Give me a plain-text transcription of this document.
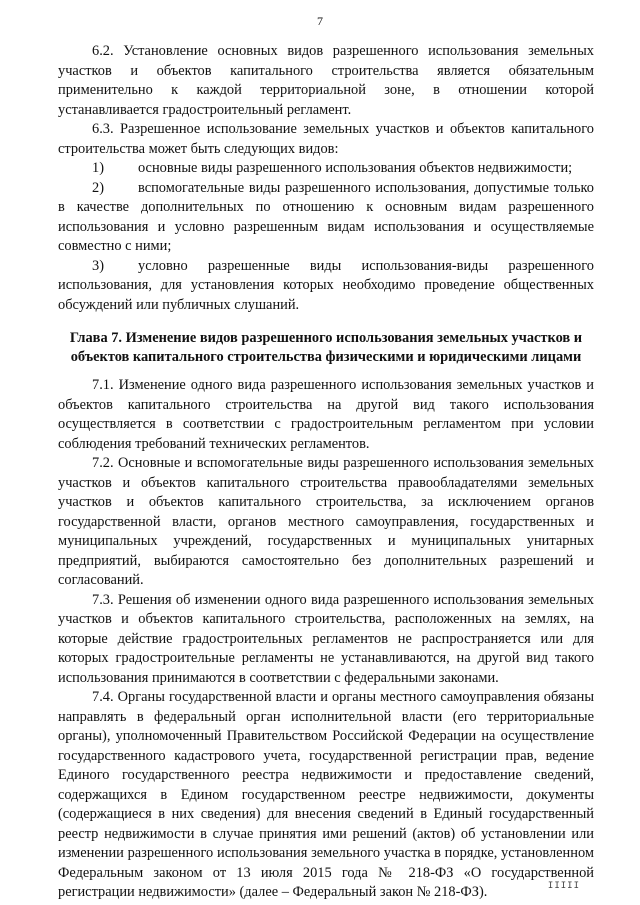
7

6.2. Установление основных видов разрешенного использования земельных участков и объектов капитального строительства является обязательным применительно к каждой территориальной зоне, в отношении которой устанавливается градостроительный регламент.

6.3. Разрешенное использование земельных участков и объектов капитального строительства может быть следующих видов:

1) основные виды разрешенного использования объектов недвижимости;

2) вспомогательные виды разрешенного использования, допустимые только в качестве дополнительных по отношению к основным видам разрешенного использования и условно разрешенным видам использования и осуществляемые совместно с ними;

3) условно разрешенные виды использования-виды разрешенного использования, для установления которых необходимо проведение общественных обсуждений или публичных слушаний.

Глава 7. Изменение видов разрешенного использования земельных участков и объектов капитального строительства физическими и юридическими лицами

7.1. Изменение одного вида разрешенного использования земельных участков и объектов капитального строительства на другой вид такого использования осуществляется в соответствии с градостроительным регламентом при условии соблюдения требований технических регламентов.

7.2. Основные и вспомогательные виды разрешенного использования земельных участков и объектов капитального строительства правообладателями земельных участков и объектов капитального строительства, за исключением органов государственной власти, органов местного самоуправления, государственных и муниципальных учреждений, государственных и муниципальных унитарных предприятий, выбираются самостоятельно без дополнительных разрешений и согласований.

7.3. Решения об изменении одного вида разрешенного использования земельных участков и объектов капитального строительства, расположенных на землях, на которые действие градостроительных регламентов не распространяется или для которых градостроительные регламенты не устанавливаются, на другой вид такого использования принимаются в соответствии с федеральными законами.

7.4. Органы государственной власти и органы местного самоуправления обязаны направлять в федеральный орган исполнительной власти (его территориальные органы), уполномоченный Правительством Российской Федерации на осуществление государственного кадастрового учета, государственной регистрации прав, ведение Единого государственного реестра недвижимости и предоставление сведений, содержащихся в Едином государственном реестре недвижимости, документы (содержащиеся в них сведения) для внесения сведений в Единый государственный реестр недвижимости в случае принятия ими решений (актов) об установлении или изменении разрешенного использования земельного участка в порядке, установленном Федеральным законом от 13 июля 2015 года № 218-ФЗ «О государственной регистрации недвижимости» (далее – Федеральный закон № 218-ФЗ).	IIIII
